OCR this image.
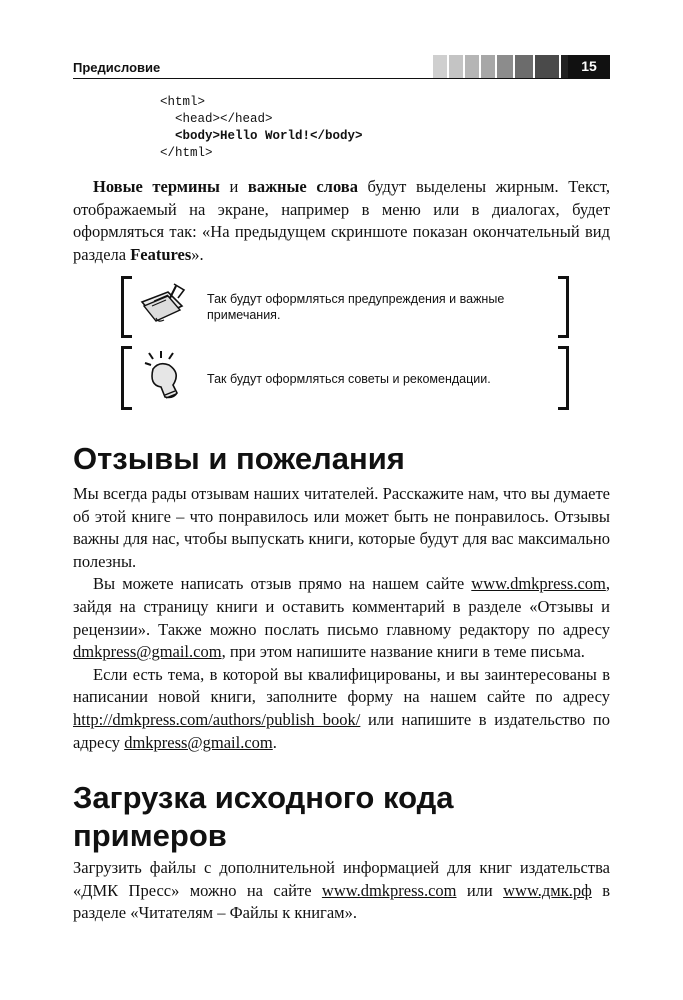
Предисловие	15
<html>
<head></head>
<body>Hello World!</body>
</html>

Новые термины и важные слова будут выделены жирным. Текст, отображаемый на экране, например в меню или в диалогах, будет оформляться так: «На предыдущем скриншоте показан окончательный вид раздела Features».

Так будут оформляться предупреждения и важные примечания.
Так будут оформляться советы и рекомендации.
Отзывы и пожелания

Мы всегда рады отзывам наших читателей. Расскажите нам, что вы думаете об этой книге – что понравилось или может быть не понравилось. Отзывы важны для нас, чтобы выпускать книги, которые будут для вас максимально полезны.

Вы можете написать отзыв прямо на нашем сайте www.dmkpress.com, зайдя на страницу книги и оставить комментарий в разделе «Отзывы и рецензии». Также можно послать письмо главному редактору по адресу dmkpress@gmail.com, при этом напишите название книги в теме письма.

Если есть тема, в которой вы квалифицированы, и вы заинтересованы в написании новой книги, заполните форму на нашем сайте по адресу http://dmkpress.com/authors/publish_book/ или напишите в издательство по адресу dmkpress@gmail.com.

Загрузка исходного кода
примеров

Загрузить файлы с дополнительной информацией для книг издательства «ДМК Пресс» можно на сайте www.dmkpress.com или www.дмк.рф в разделе «Читателям – Файлы к книгам».
